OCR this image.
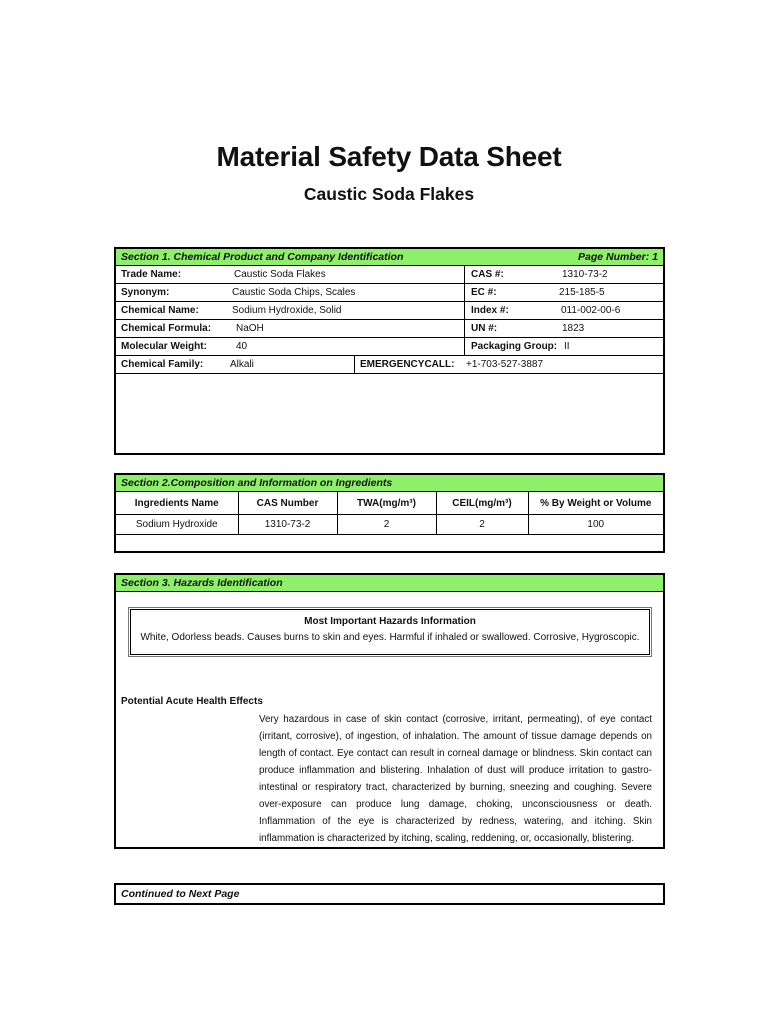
Material Safety Data Sheet
Caustic Soda Flakes
Section 1. Chemical Product and Company Identification	Page Number: 1
Trade Name:	Caustic Soda Flakes	CAS #:	1310-73-2
Synonym:	Caustic Soda Chips, Scales	EC #:	215-185-5
Chemical Name:	Sodium Hydroxide, Solid	Index #:	011-002-00-6
Chemical Formula: NaOH	UN #:	1823
Molecular Weight:	40	Packaging Group: II
Chemical Family:	Alkali	EMERGENCYCALL: +1-703-527-3887
Section 2.Composition and Information on Ingredients
Ingredients Name	CAS Number	TWA(mg/m³)	CEIL(mg/m³)	% By Weight or Volume
Sodium Hydroxide	1310-73-2	2	2	100
Section 3. Hazards Identification
Most Important Hazards Information
White, Odorless beads. Causes burns to skin and eyes. Harmful if inhaled or swallowed. Corrosive, Hygroscopic.
Potential Acute Health Effects
Very hazardous in case of skin contact (corrosive, irritant, permeating), of eye contact (irritant, corrosive), of ingestion, of inhalation. The amount of tissue damage depends on length of contact. Eye contact can result in corneal damage or blindness. Skin contact can produce inflammation and blistering. Inhalation of dust will produce irritation to gastro-intestinal or respiratory tract, characterized by burning, sneezing and coughing. Severe over-exposure can produce lung damage, choking, unconsciousness or death. Inflammation of the eye is characterized by redness, watering, and itching. Skin inflammation is characterized by itching, scaling, reddening, or, occasionally, blistering.
Continued to Next Page
